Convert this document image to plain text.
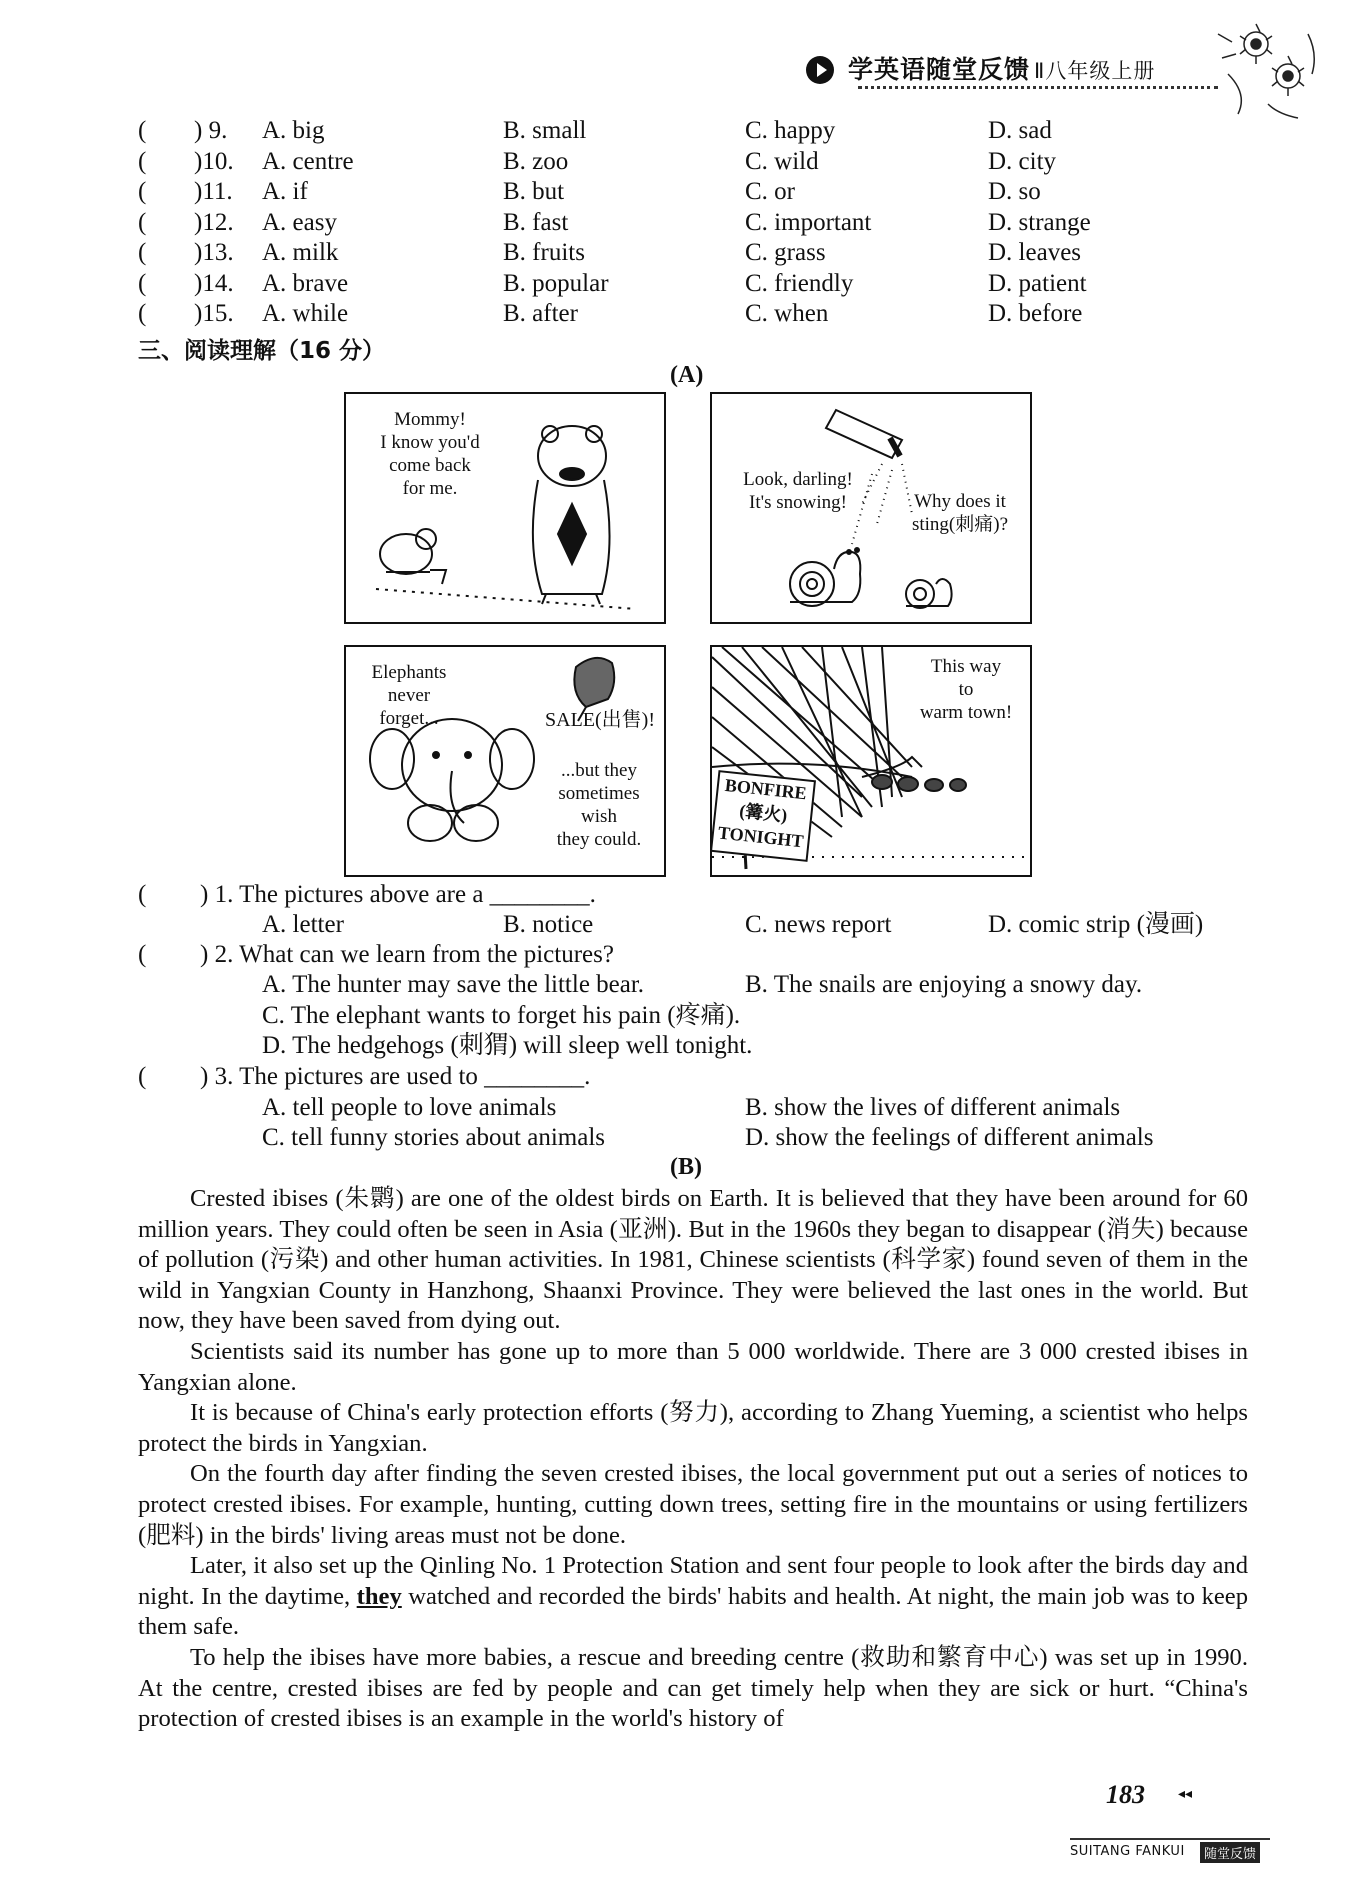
学英语随堂反馈 Ⅱ八年级上册
( ) 9. A. big	B. small	C. happy	D. sad
( )10. A. centre	B. zoo	C. wild	D. city
( )11. A. if	B. but	C. or	D. so
( )12. A. easy	B. fast	C. important	D. strange
( )13. A. milk	B. fruits	C. grass	D. leaves
( )14. A. brave	B. popular	C. friendly	D. patient
( )15. A. while	B. after	C. when	D. before
三、阅读理解（16 分）
(A)
Mommy!
I know you'd
come back
for me.	Look, darling!
It's snowing!	Why does it
sting(刺痛)?
Elephants
never
forget...	SALE(出售)!
...but they
sometimes
wish
they could.
This way
to
warm town!
BONFIRE
(篝火)
TONIGHT
( ) 1. The pictures above are a ________.
A. letter	B. notice	C. news report	D. comic strip (漫画)
( ) 2. What can we learn from the pictures?
A. The hunter may save the little bear.	B. The snails are enjoying a snowy day.
C. The elephant wants to forget his pain (疼痛).
D. The hedgehogs (刺猬) will sleep well tonight.
( ) 3. The pictures are used to ________.
A. tell people to love animals	B. show the lives of different animals
C. tell funny stories about animals	D. show the feelings of different animals
(B)

Crested ibises (朱鹮) are one of the oldest birds on Earth. It is believed that they have been around for 60 million years. They could often be seen in Asia (亚洲). But in the 1960s they began to disappear (消失) because of pollution (污染) and other human activities. In 1981, Chinese scientists (科学家) found seven of them in the wild in Yangxian County in Hanzhong, Shaanxi Province. They were believed the last ones in the world. But now, they have been saved from dying out.

Scientists said its number has gone up to more than 5 000 worldwide. There are 3 000 crested ibises in Yangxian alone.

It is because of China's early protection efforts (努力), according to Zhang Yueming, a scientist who helps protect the birds in Yangxian.

On the fourth day after finding the seven crested ibises, the local government put out a series of notices to protect crested ibises. For example, hunting, cutting down trees, setting fire in the mountains or using fertilizers (肥料) in the birds' living areas must not be done.

Later, it also set up the Qinling No. 1 Protection Station and sent four people to look after the birds day and night. In the daytime, they watched and recorded the birds' habits and health. At night, the main job was to keep them safe.

To help the ibises have more babies, a rescue and breeding centre (救助和繁育中心) was set up in 1990. At the centre, crested ibises are fed by people and can get timely help when they are sick or hurt. “China's protection of crested ibises is an example in the world's history of

183 ◂◂
SUITANG FANKUI	随堂反馈
